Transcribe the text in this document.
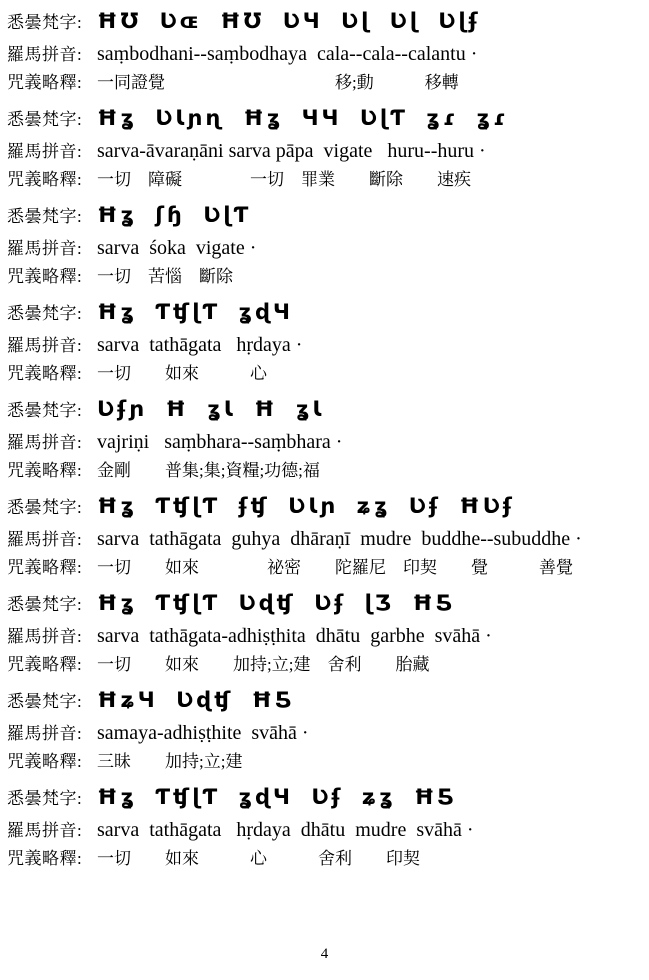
悉曇梵字: ĦƱ Ʋɶ ĦƱ ƲЧ Ʋɭ Ʋɭ Ʋɭʄ
羅馬拼音: saṃbodhani--saṃbodhaya  cala--cala--calantu ·
咒義略釋: 一同證覺　　　　　　　　　　移;動　　　移轉
悉曇梵字: Ħʓ ƲƖɲɳ Ħʓ ЧЧ ƲɭƬ ʓɾ ʓɾ
羅馬拼音: sarva-āvaraṇāni sarva pāpa  vigate   huru--huru ·
咒義略釋: 一切　障礙　　　　一切　罪業　　斷除　　速疾
悉曇梵字: Ħʓ ʃɧ ƲɭƬ
羅馬拼音: sarva  śoka  vigate ·
咒義略釋: 一切　苦惱　斷除
悉曇梵字: Ħʓ ƬʧɭƬ ʓɖЧ
羅馬拼音: sarva  tathāgata   hṛdaya ·
咒義略釋: 一切　　如來　　　心
悉曇梵字: Ʋʄɲ Ħ ʓƖ Ħ ʓƖ
羅馬拼音: vajriṇi   saṃbhara--saṃbhara ·
咒義略釋: 金剛　　普集;集;資糧;功德;福
悉曇梵字: Ħʓ ƬʧɭƬ ʄʧ ƲƖɲ ʑʓ Ʋʄ ĦƲʄ
羅馬拼音: sarva  tathāgata  guhya  dhāraṇī  mudre  buddhe--subuddhe ·
咒義略釋: 一切　　如來　　　　祕密　　陀羅尼　印契　　覺　　　善覺
悉曇梵字: Ħʓ ƬʧɭƬ Ʋɖʧ Ʋʄ ɭƷ ĦƼ
羅馬拼音: sarva  tathāgata-adhiṣṭhita  dhātu  garbhe  svāhā ·
咒義略釋: 一切　　如來　　加持;立;建　舍利　　胎藏
悉曇梵字: ĦʑЧ Ʋɖʧ ĦƼ
羅馬拼音: samaya-adhiṣṭhite  svāhā ·
咒義略釋: 三昧　　加持;立;建
悉曇梵字: Ħʓ ƬʧɭƬ ʓɖЧ Ʋʄ ʑʓ ĦƼ
羅馬拼音: sarva  tathāgata   hṛdaya  dhātu  mudre  svāhā ·
咒義略釋: 一切　　如來　　　心　　　舍利　　印契
4
